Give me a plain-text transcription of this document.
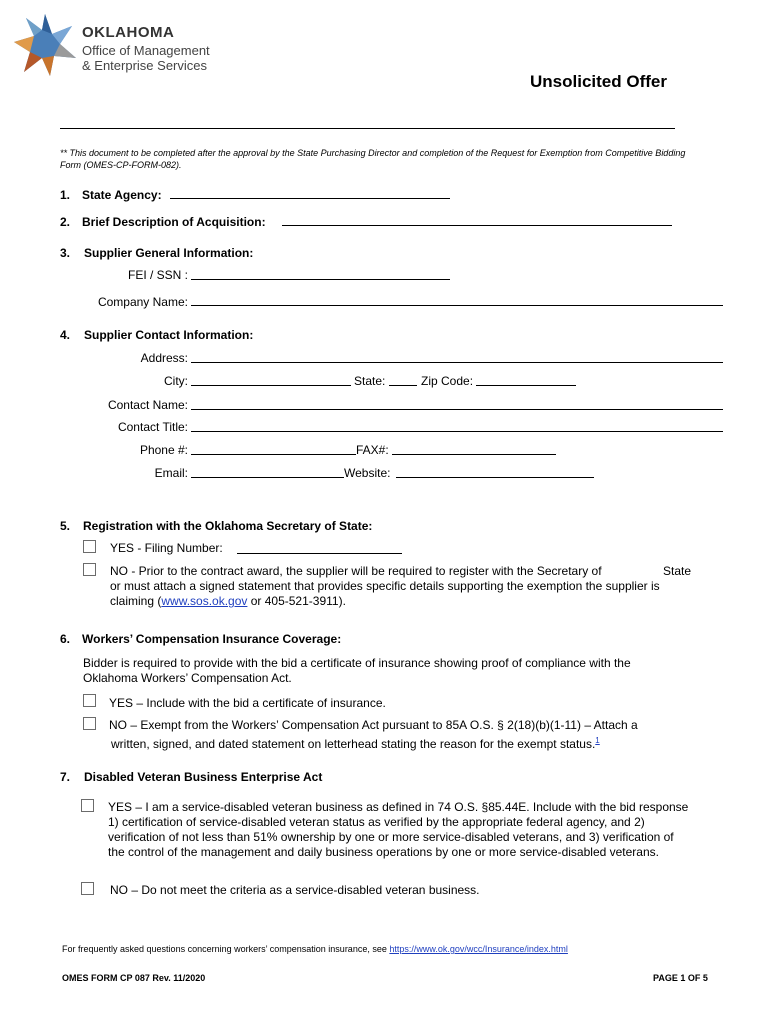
OKLAHOMA
Office of Management
& Enterprise Services
Unsolicited Offer
** This document to be completed after the approval by the State Purchasing Director and completion of the Request for Exemption from Competitive Bidding Form (OMES-CP-FORM-082).
1. State Agency:
2. Brief Description of Acquisition:
3. Supplier General Information:
FEI / SSN :
Company Name:
4. Supplier Contact Information:
Address:
City:	State:	Zip Code:
Contact Name:
Contact Title:
Phone #:	FAX#:
Email:	Website:
5. Registration with the Oklahoma Secretary of State:
YES - Filing Number:
NO - Prior to the contract award, the supplier will be required to register with the Secretary of	State
or must attach a signed statement that provides specific details supporting the exemption the supplier is
claiming (www.sos.ok.gov or 405-521-3911).
6. Workers’ Compensation Insurance Coverage:
Bidder is required to provide with the bid a certificate of insurance showing proof of compliance with the Oklahoma Workers’ Compensation Act.
YES – Include with the bid a certificate of insurance.
NO – Exempt from the Workers’ Compensation Act pursuant to 85A O.S. § 2(18)(b)(1-11) – Attach a
written, signed, and dated statement on letterhead stating the reason for the exempt status.$^1$
7. Disabled Veteran Business Enterprise Act
YES – I am a service-disabled veteran business as defined in 74 O.S. §85.44E. Include with the bid response 1) certification of service-disabled veteran status as verified by the appropriate federal agency, and 2) verification of not less than 51% ownership by one or more service-disabled veterans, and 3) verification of the control of the management and daily business operations by one or more service-disabled veterans.
NO – Do not meet the criteria as a service-disabled veteran business.
For frequently asked questions concerning workers’ compensation insurance, see https://www.ok.gov/wcc/Insurance/index.html
OMES FORM CP 087 Rev. 11/2020	PAGE 1 OF 5
